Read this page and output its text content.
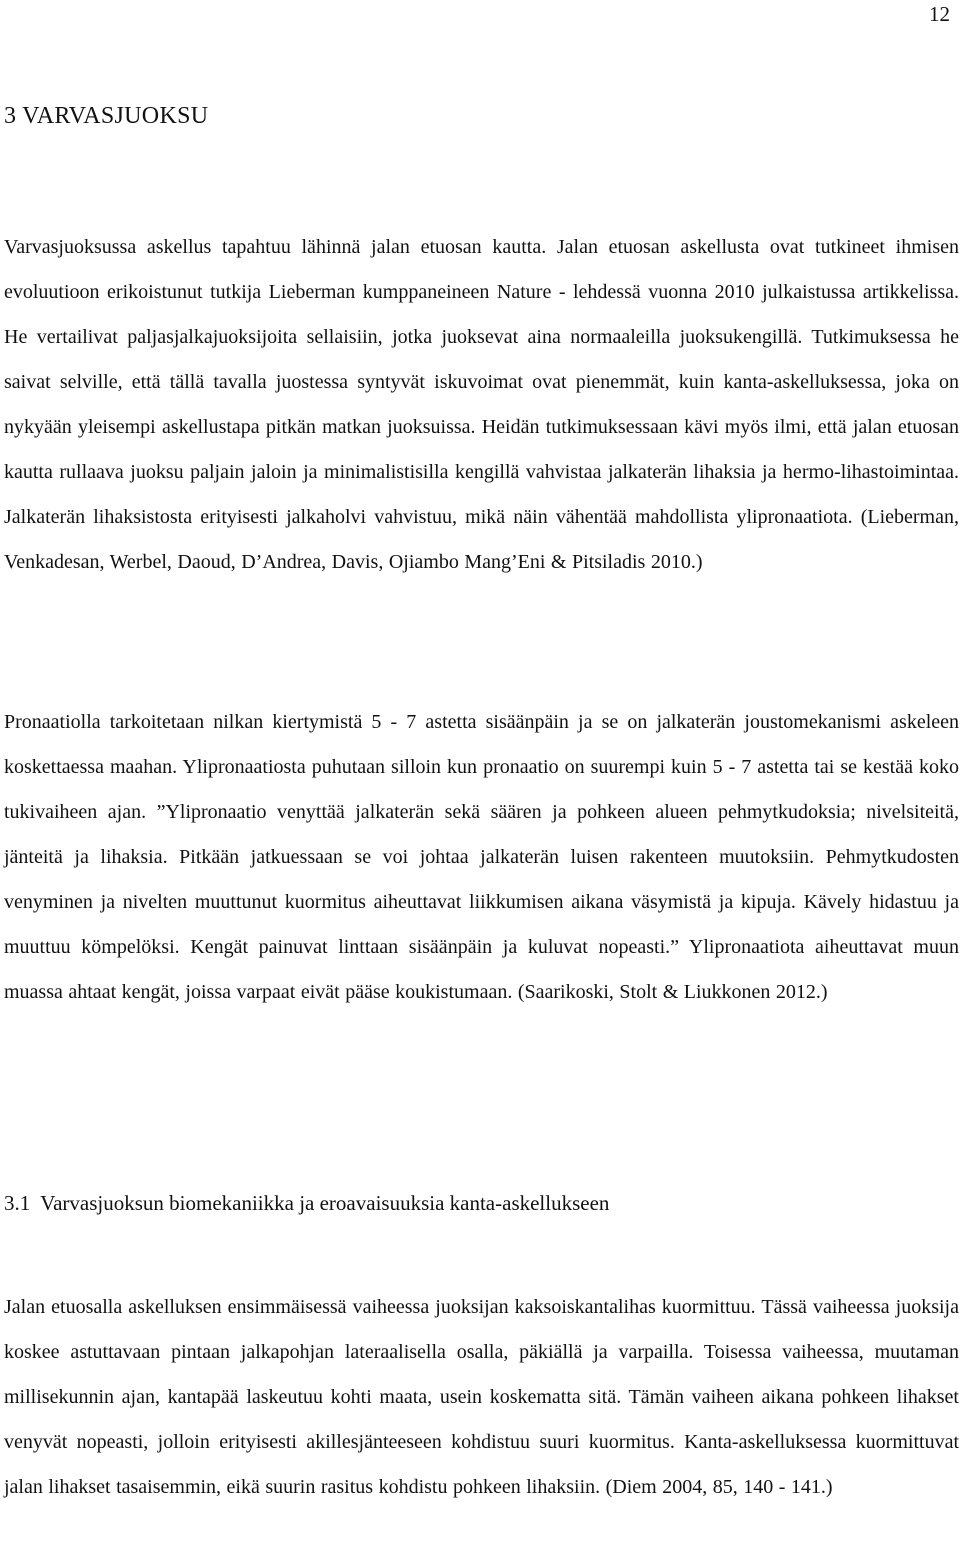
12
3 VARVASJUOKSU

Varvasjuoksussa askellus tapahtuu lähinnä jalan etuosan kautta. Jalan etuosan askellusta ovat tutkineet ihmisen evoluutioon erikoistunut tutkija Lieberman kumppaneineen Nature - lehdessä vuonna 2010 julkaistussa artikkelissa. He vertailivat paljasjalkajuoksijoita sellaisiin, jotka juoksevat aina normaaleilla juoksukengillä. Tutkimuksessa he saivat selville, että tällä tavalla juostessa syntyvät iskuvoimat ovat pienemmät, kuin kanta-askelluksessa, joka on nykyään yleisempi askellustapa pitkän matkan juoksuissa. Heidän tutkimuksessaan kävi myös ilmi, että jalan etuosan kautta rullaava juoksu paljain jaloin ja minimalistisilla kengillä vahvistaa jalkaterän lihaksia ja hermo-lihastoimintaa. Jalkaterän lihaksistosta erityisesti jalkaholvi vahvistuu, mikä näin vähentää mahdollista ylipronaatiota. (Lieberman, Venkadesan, Werbel, Daoud, D’Andrea, Davis, Ojiambo Mang’Eni & Pitsiladis 2010.)

Pronaatiolla tarkoitetaan nilkan kiertymistä 5 - 7 astetta sisäänpäin ja se on jalkaterän joustomekanismi askeleen koskettaessa maahan. Ylipronaatiosta puhutaan silloin kun pronaatio on suurempi kuin 5 - 7 astetta tai se kestää koko tukivaiheen ajan. ”Ylipronaatio venyttää jalkaterän sekä säären ja pohkeen alueen pehmytkudoksia; nivelsiteitä, jänteitä ja lihaksia. Pitkään jatkuessaan se voi johtaa jalkaterän luisen rakenteen muutoksiin. Pehmytkudosten venyminen ja nivelten muuttunut kuormitus aiheuttavat liikkumisen aikana väsymistä ja kipuja. Kävely hidastuu ja muuttuu kömpelöksi. Kengät painuvat linttaan sisäänpäin ja kuluvat nopeasti.” Ylipronaatiota aiheuttavat muun muassa ahtaat kengät, joissa varpaat eivät pääse koukistumaan. (Saarikoski, Stolt & Liukkonen 2012.)

3.1 Varvasjuoksun biomekaniikka ja eroavaisuuksia kanta-askellukseen

Jalan etuosalla askelluksen ensimmäisessä vaiheessa juoksijan kaksoiskantalihas kuormittuu. Tässä vaiheessa juoksija koskee astuttavaan pintaan jalkapohjan lateraalisella osalla, päkiällä ja varpailla. Toisessa vaiheessa, muutaman millisekunnin ajan, kantapää laskeutuu kohti maata, usein koskematta sitä. Tämän vaiheen aikana pohkeen lihakset venyvät nopeasti, jolloin erityisesti akillesjänteeseen kohdistuu suuri kuormitus. Kanta-askelluksessa kuormittuvat jalan lihakset tasaisemmin, eikä suurin rasitus kohdistu pohkeen lihaksiin. (Diem 2004, 85, 140 - 141.)
